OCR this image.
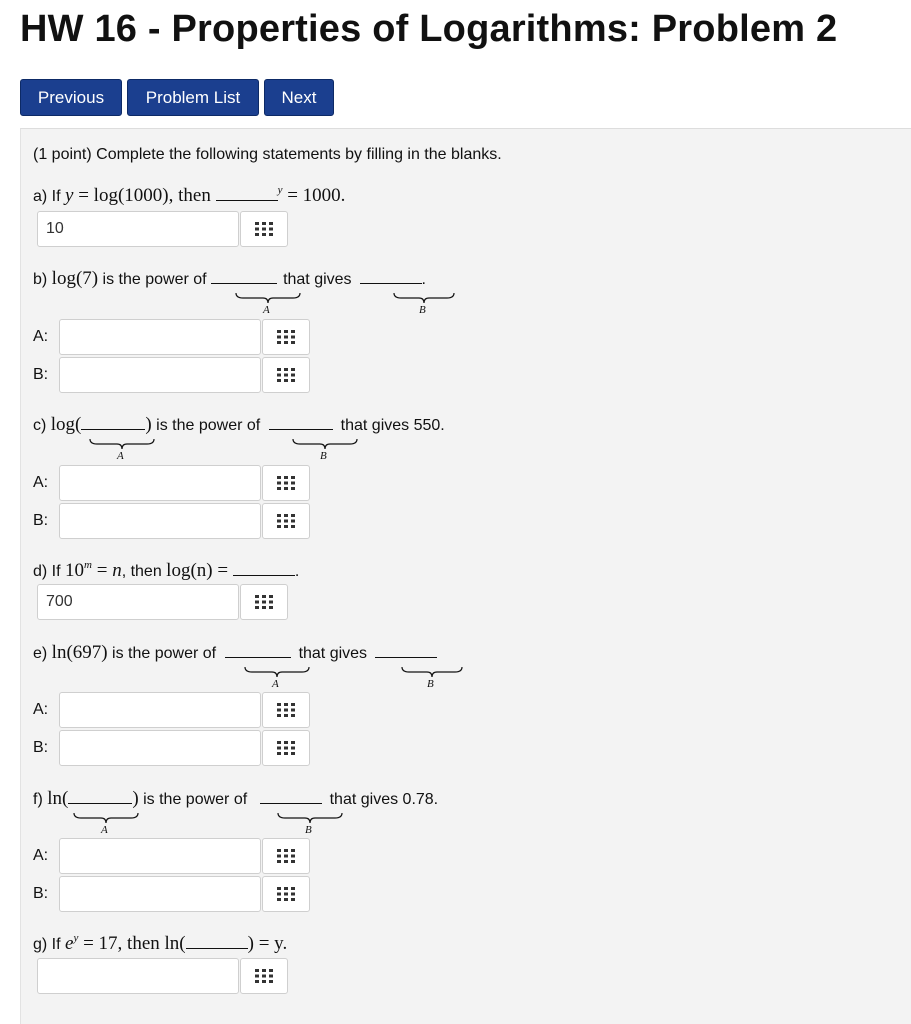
HW 16 - Properties of Logarithms: Problem 2
Previous	Problem List	Next
(1 point) Complete the following statements by filling in the blanks.
a) If y = log(1000), then	$^y$ = 1000.
10
b) log(7) is the power of	that gives	.
A	B
A:
B:
c) log(	) is the power of	that gives 550.
A	B
A:
B:
d) If $10^m = n$, then log(n) =	.
700
e) ln(697) is the power of	that gives
A	B
A:
B:
f) ln(	) is the power of	that gives 0.78.
A	B
A:
B:
g) If $e^y = 17$, then ln(	) = y.
